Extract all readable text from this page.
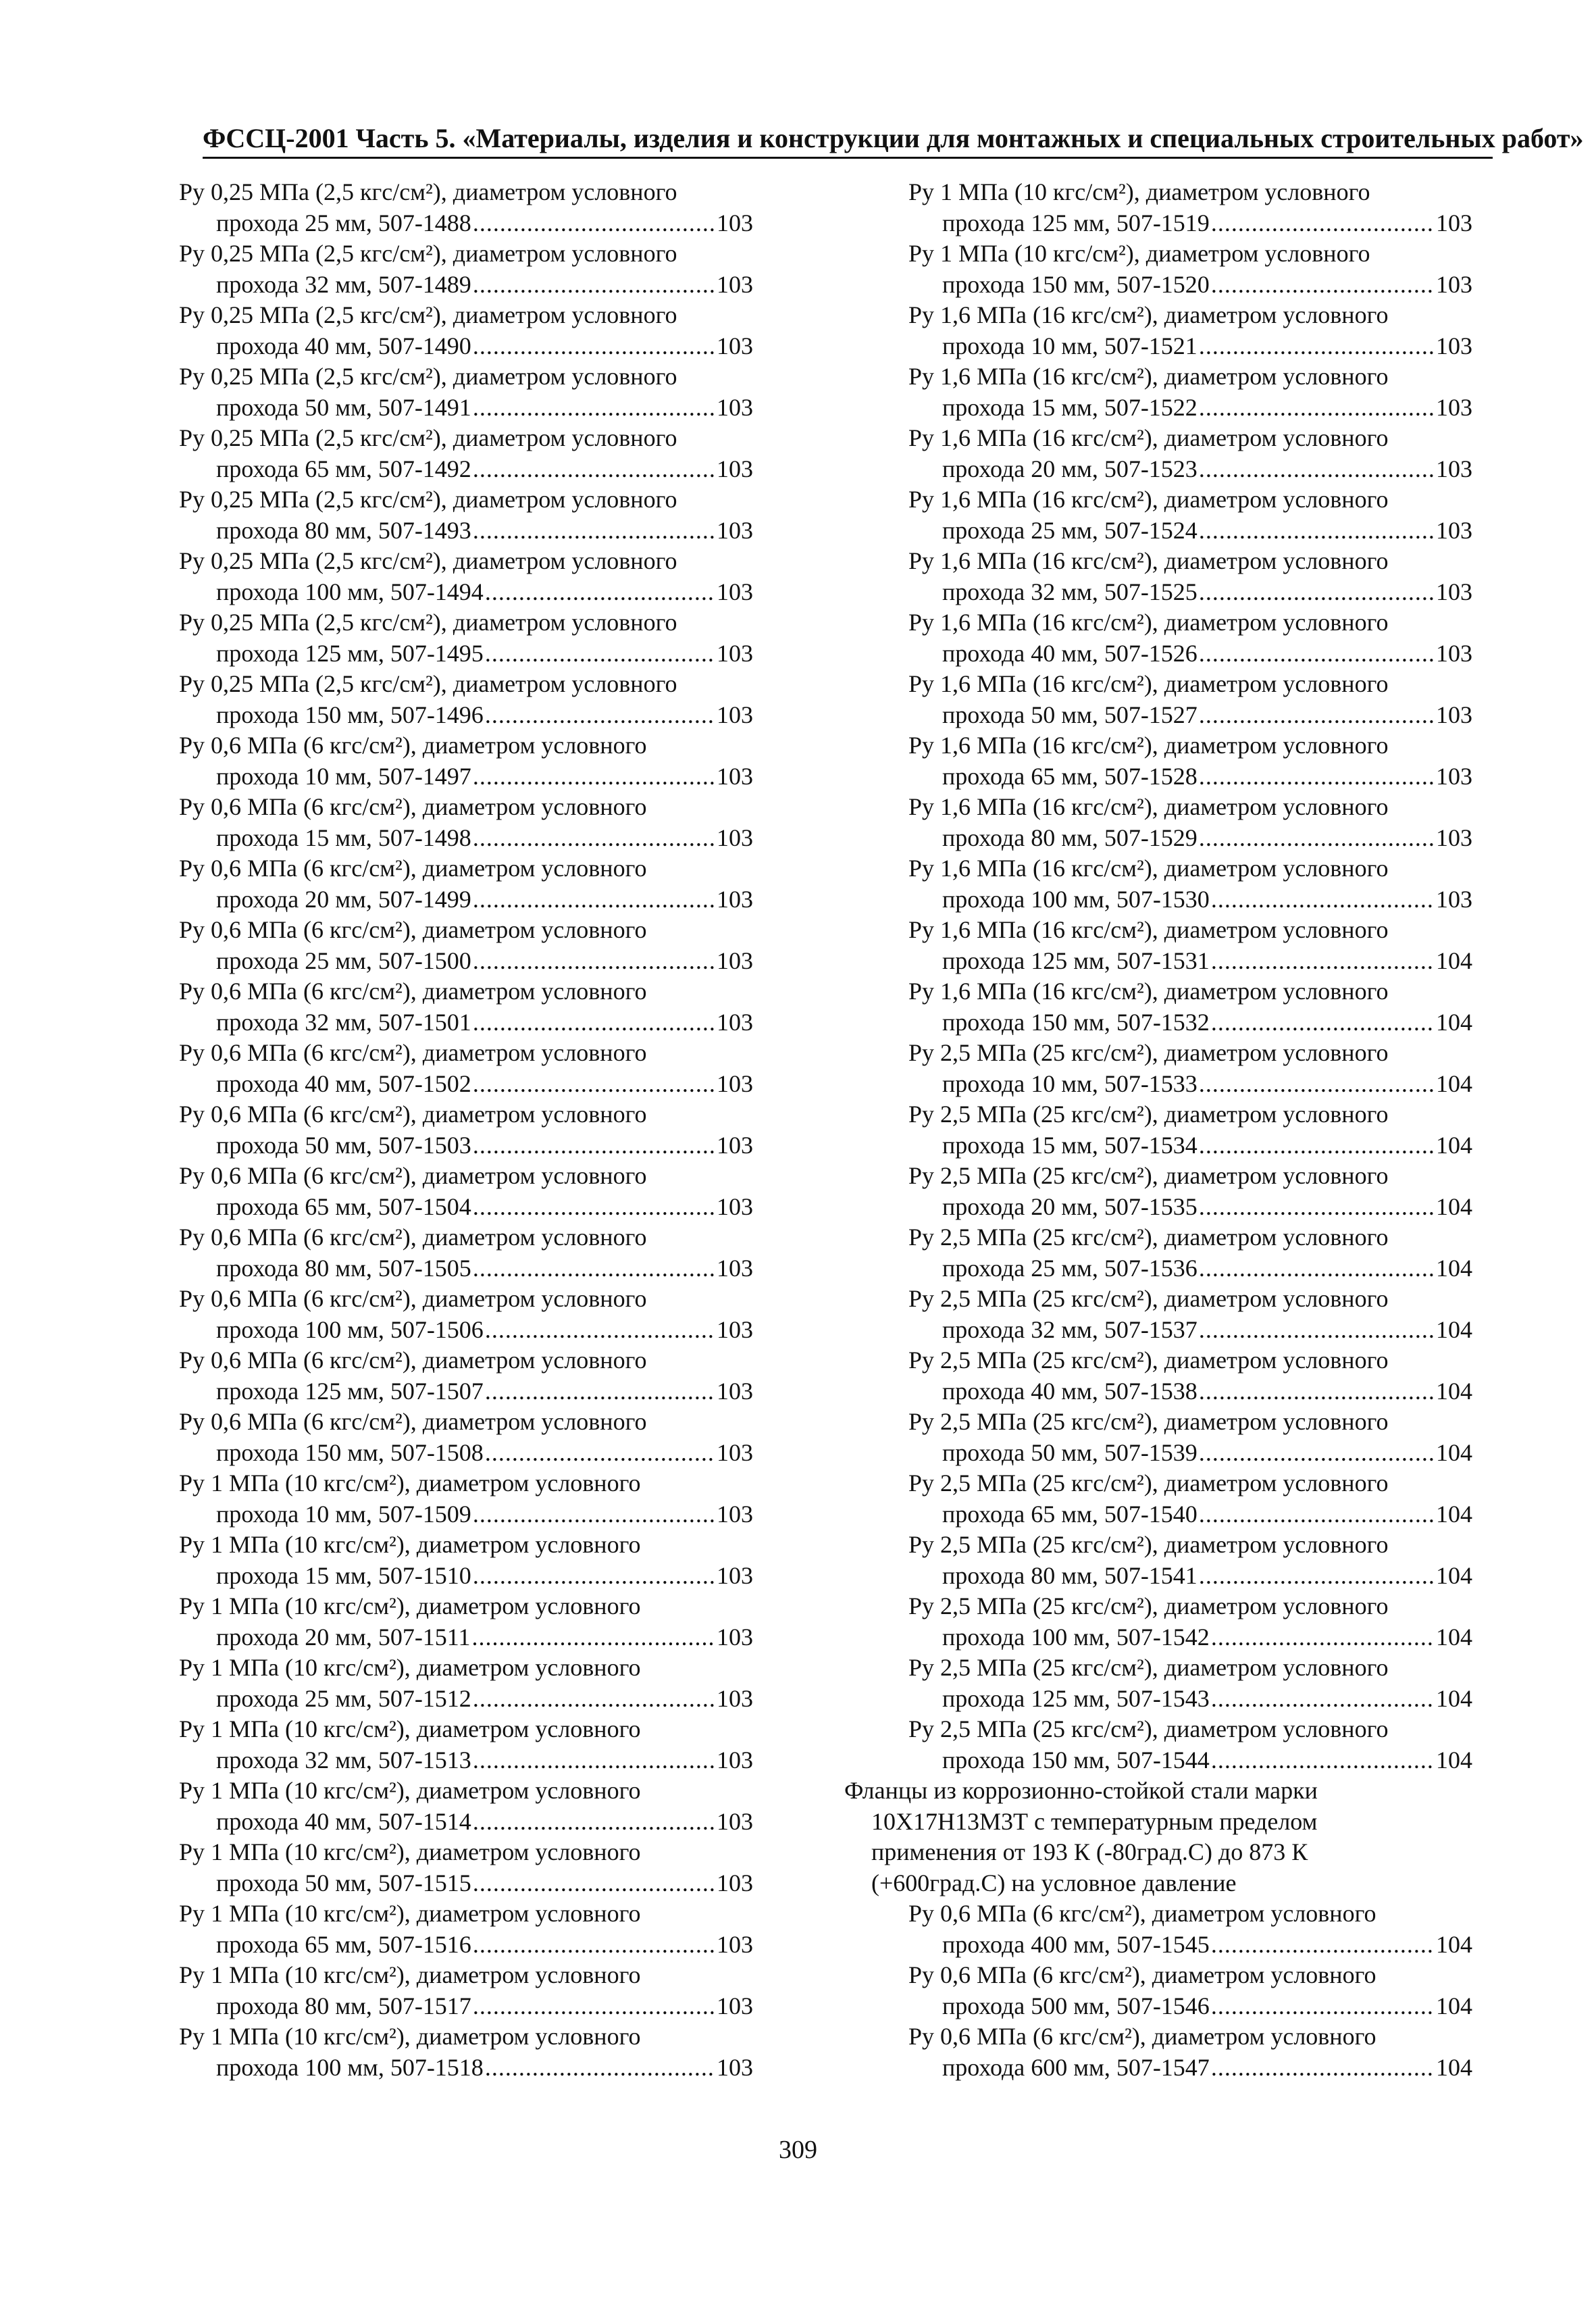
ФССЦ-2001 Часть 5. «Материалы, изделия и конструкции для монтажных и специальных строительных работ»
Ру 0,25 МПа (2,5 кгс/см²), диаметром условного
прохода 25 мм, 507-1488 .....	103
Ру 0,25 МПа (2,5 кгс/см²), диаметром условного
прохода 32 мм, 507-1489 .....	103
Ру 0,25 МПа (2,5 кгс/см²), диаметром условного
прохода 40 мм, 507-1490 .....	103
Ру 0,25 МПа (2,5 кгс/см²), диаметром условного
прохода 50 мм, 507-1491 .....	103
Ру 0,25 МПа (2,5 кгс/см²), диаметром условного
прохода 65 мм, 507-1492 .....	103
Ру 0,25 МПа (2,5 кгс/см²), диаметром условного
прохода 80 мм, 507-1493 .....	103
Ру 0,25 МПа (2,5 кгс/см²), диаметром условного
прохода 100 мм, 507-1494 .....	103
Ру 0,25 МПа (2,5 кгс/см²), диаметром условного
прохода 125 мм, 507-1495 .....	103
Ру 0,25 МПа (2,5 кгс/см²), диаметром условного
прохода 150 мм, 507-1496 .....	103
Ру 0,6 МПа (6 кгс/см²), диаметром условного
прохода 10 мм, 507-1497 .....	103
Ру 0,6 МПа (6 кгс/см²), диаметром условного
прохода 15 мм, 507-1498 .....	103
Ру 0,6 МПа (6 кгс/см²), диаметром условного
прохода 20 мм, 507-1499 .....	103
Ру 0,6 МПа (6 кгс/см²), диаметром условного
прохода 25 мм, 507-1500 .....	103
Ру 0,6 МПа (6 кгс/см²), диаметром условного
прохода 32 мм, 507-1501 .....	103
Ру 0,6 МПа (6 кгс/см²), диаметром условного
прохода 40 мм, 507-1502 .....	103
Ру 0,6 МПа (6 кгс/см²), диаметром условного
прохода 50 мм, 507-1503 .....	103
Ру 0,6 МПа (6 кгс/см²), диаметром условного
прохода 65 мм, 507-1504 .....	103
Ру 0,6 МПа (6 кгс/см²), диаметром условного
прохода 80 мм, 507-1505 .....	103
Ру 0,6 МПа (6 кгс/см²), диаметром условного
прохода 100 мм, 507-1506 .....	103
Ру 0,6 МПа (6 кгс/см²), диаметром условного
прохода 125 мм, 507-1507 .....	103
Ру 0,6 МПа (6 кгс/см²), диаметром условного
прохода 150 мм, 507-1508 .....	103
Ру 1 МПа (10 кгс/см²), диаметром условного
прохода 10 мм, 507-1509 .....	103
Ру 1 МПа (10 кгс/см²), диаметром условного
прохода 15 мм, 507-1510 .....	103
Ру 1 МПа (10 кгс/см²), диаметром условного
прохода 20 мм, 507-1511 .....	103
Ру 1 МПа (10 кгс/см²), диаметром условного
прохода 25 мм, 507-1512 .....	103
Ру 1 МПа (10 кгс/см²), диаметром условного
прохода 32 мм, 507-1513 .....	103
Ру 1 МПа (10 кгс/см²), диаметром условного
прохода 40 мм, 507-1514 .....	103
Ру 1 МПа (10 кгс/см²), диаметром условного
прохода 50 мм, 507-1515 .....	103
Ру 1 МПа (10 кгс/см²), диаметром условного
прохода 65 мм, 507-1516 .....	103
Ру 1 МПа (10 кгс/см²), диаметром условного
прохода 80 мм, 507-1517 .....	103
Ру 1 МПа (10 кгс/см²), диаметром условного
прохода 100 мм, 507-1518 .....	103
Ру 1 МПа (10 кгс/см²), диаметром условного
прохода 125 мм, 507-1519 .....	103
Ру 1 МПа (10 кгс/см²), диаметром условного
прохода 150 мм, 507-1520 .....	103
Ру 1,6 МПа (16 кгс/см²), диаметром условного
прохода 10 мм, 507-1521 .....	103
Ру 1,6 МПа (16 кгс/см²), диаметром условного
прохода 15 мм, 507-1522 .....	103
Ру 1,6 МПа (16 кгс/см²), диаметром условного
прохода 20 мм, 507-1523 .....	103
Ру 1,6 МПа (16 кгс/см²), диаметром условного
прохода 25 мм, 507-1524 .....	103
Ру 1,6 МПа (16 кгс/см²), диаметром условного
прохода 32 мм, 507-1525 .....	103
Ру 1,6 МПа (16 кгс/см²), диаметром условного
прохода 40 мм, 507-1526 .....	103
Ру 1,6 МПа (16 кгс/см²), диаметром условного
прохода 50 мм, 507-1527 .....	103
Ру 1,6 МПа (16 кгс/см²), диаметром условного
прохода 65 мм, 507-1528 .....	103
Ру 1,6 МПа (16 кгс/см²), диаметром условного
прохода 80 мм, 507-1529 .....	103
Ру 1,6 МПа (16 кгс/см²), диаметром условного
прохода 100 мм, 507-1530 .....	103
Ру 1,6 МПа (16 кгс/см²), диаметром условного
прохода 125 мм, 507-1531 .....	104
Ру 1,6 МПа (16 кгс/см²), диаметром условного
прохода 150 мм, 507-1532 .....	104
Ру 2,5 МПа (25 кгс/см²), диаметром условного
прохода 10 мм, 507-1533 .....	104
Ру 2,5 МПа (25 кгс/см²), диаметром условного
прохода 15 мм, 507-1534 .....	104
Ру 2,5 МПа (25 кгс/см²), диаметром условного
прохода 20 мм, 507-1535 .....	104
Ру 2,5 МПа (25 кгс/см²), диаметром условного
прохода 25 мм, 507-1536 .....	104
Ру 2,5 МПа (25 кгс/см²), диаметром условного
прохода 32 мм, 507-1537 .....	104
Ру 2,5 МПа (25 кгс/см²), диаметром условного
прохода 40 мм, 507-1538 .....	104
Ру 2,5 МПа (25 кгс/см²), диаметром условного
прохода 50 мм, 507-1539 .....	104
Ру 2,5 МПа (25 кгс/см²), диаметром условного
прохода 65 мм, 507-1540 .....	104
Ру 2,5 МПа (25 кгс/см²), диаметром условного
прохода 80 мм, 507-1541 .....	104
Ру 2,5 МПа (25 кгс/см²), диаметром условного
прохода 100 мм, 507-1542 .....	104
Ру 2,5 МПа (25 кгс/см²), диаметром условного
прохода 125 мм, 507-1543 .....	104
Ру 2,5 МПа (25 кгс/см²), диаметром условного
прохода 150 мм, 507-1544 .....	104
Фланцы из коррозионно-стойкой стали марки
10Х17Н13М3Т с температурным пределом
применения от 193 К (-80град.С) до 873 К
(+600град.С) на условное давление
Ру 0,6 МПа (6 кгс/см²), диаметром условного
прохода 400 мм, 507-1545 .....	104
Ру 0,6 МПа (6 кгс/см²), диаметром условного
прохода 500 мм, 507-1546 .....	104
Ру 0,6 МПа (6 кгс/см²), диаметром условного
прохода 600 мм, 507-1547 .....	104
309
